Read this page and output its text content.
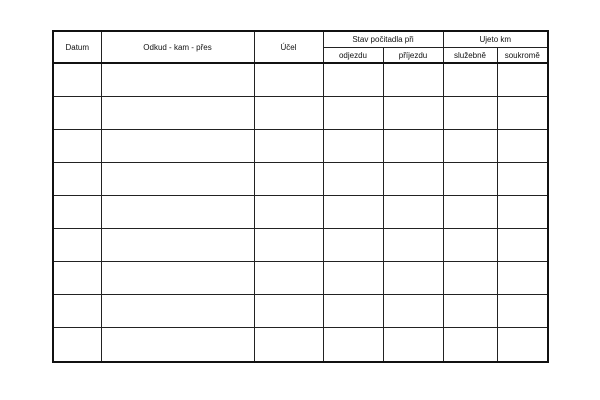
Datum	Odkud - kam - přes	Účel	Stav počitadla při		Ujeto km	
			odjezdu	příjezdu	služebně	soukromě
